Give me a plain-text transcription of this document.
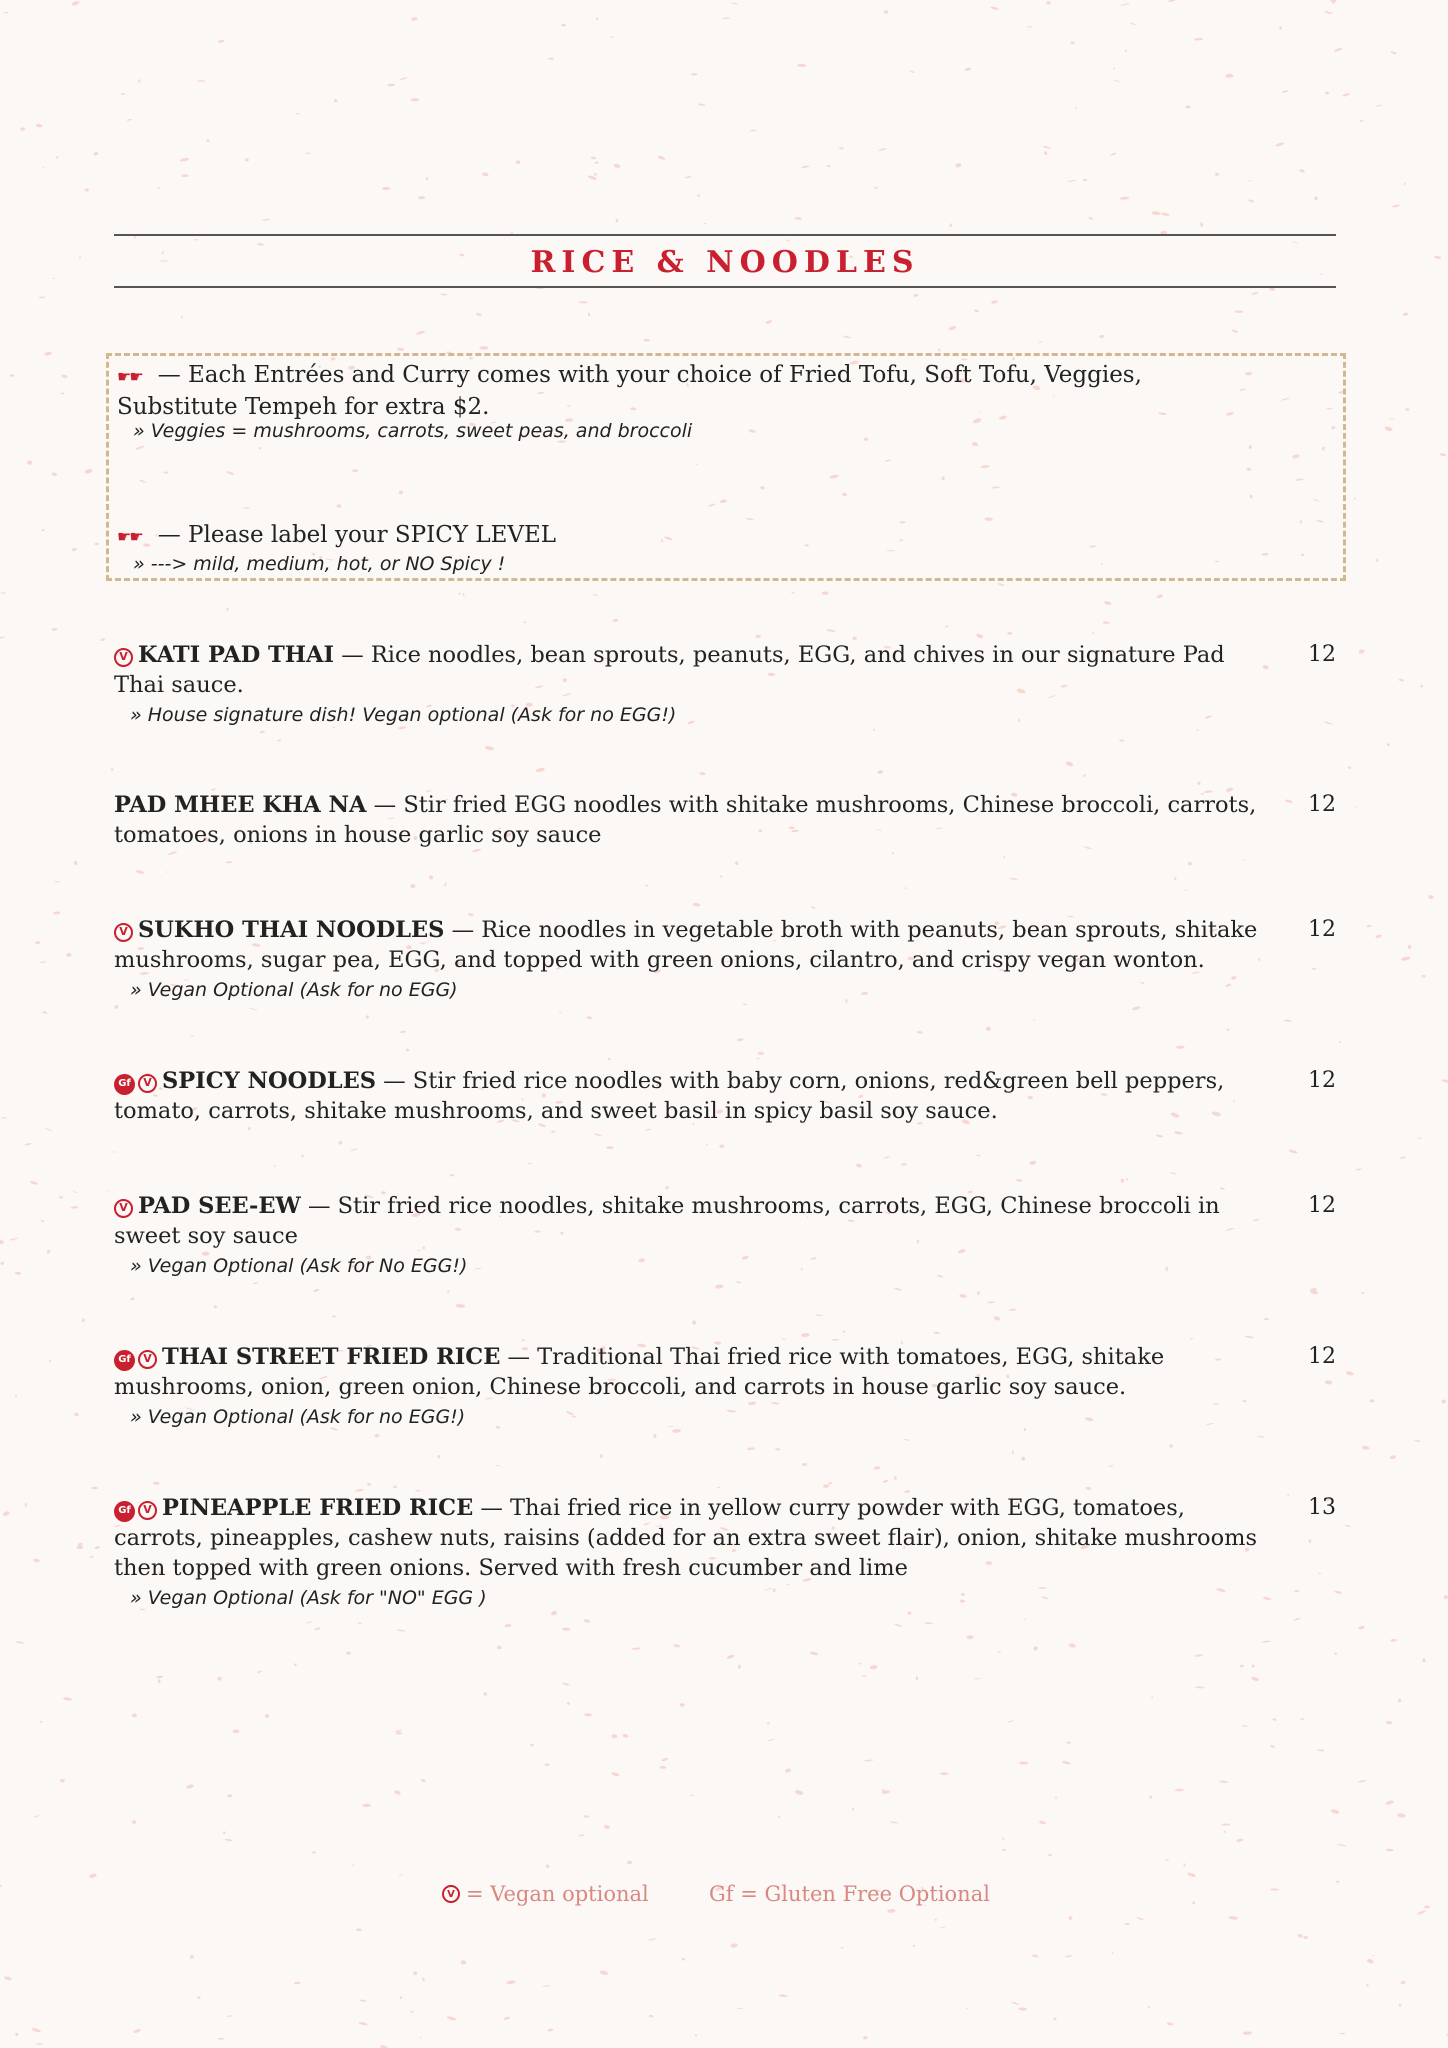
RICE & NOODLES
☛☛ — Each Entrées and Curry comes with your choice of Fried Tofu, Soft Tofu, Veggies,
Substitute Tempeh for extra $2.
» Veggies = mushrooms, carrots, sweet peas, and broccoli
☛☛ — Please label your SPICY LEVEL
» ---> mild, medium, hot, or NO Spicy !
V KATI PAD THAI — Rice noodles, bean sprouts, peanuts, EGG, and chives in our signature Pad Thai sauce.
12
» House signature dish! Vegan optional (Ask for no EGG!)
PAD MHEE KHA NA — Stir fried EGG noodles with shitake mushrooms, Chinese broccoli, carrots, tomatoes, onions in house garlic soy sauce
12
V SUKHO THAI NOODLES — Rice noodles in vegetable broth with peanuts, bean sprouts, shitake mushrooms, sugar pea, EGG, and topped with green onions, cilantro, and crispy vegan wonton.
12
» Vegan Optional (Ask for no EGG)
Gf V SPICY NOODLES — Stir fried rice noodles with baby corn, onions, red&green bell peppers, tomato, carrots, shitake mushrooms, and sweet basil in spicy basil soy sauce.
12
V PAD SEE-EW — Stir fried rice noodles, shitake mushrooms, carrots, EGG, Chinese broccoli in sweet soy sauce
12
» Vegan Optional (Ask for No EGG!)
Gf V THAI STREET FRIED RICE — Traditional Thai fried rice with tomatoes, EGG, shitake mushrooms, onion, green onion, Chinese broccoli, and carrots in house garlic soy sauce.
12
» Vegan Optional (Ask for no EGG!)
Gf V PINEAPPLE FRIED RICE — Thai fried rice in yellow curry powder with EGG, tomatoes, carrots, pineapples, cashew nuts, raisins (added for an extra sweet flair), onion, shitake mushrooms then topped with green onions. Served with fresh cucumber and lime
13
» Vegan Optional (Ask for "NO" EGG )
V = Vegan optional	Gf = Gluten Free Optional
